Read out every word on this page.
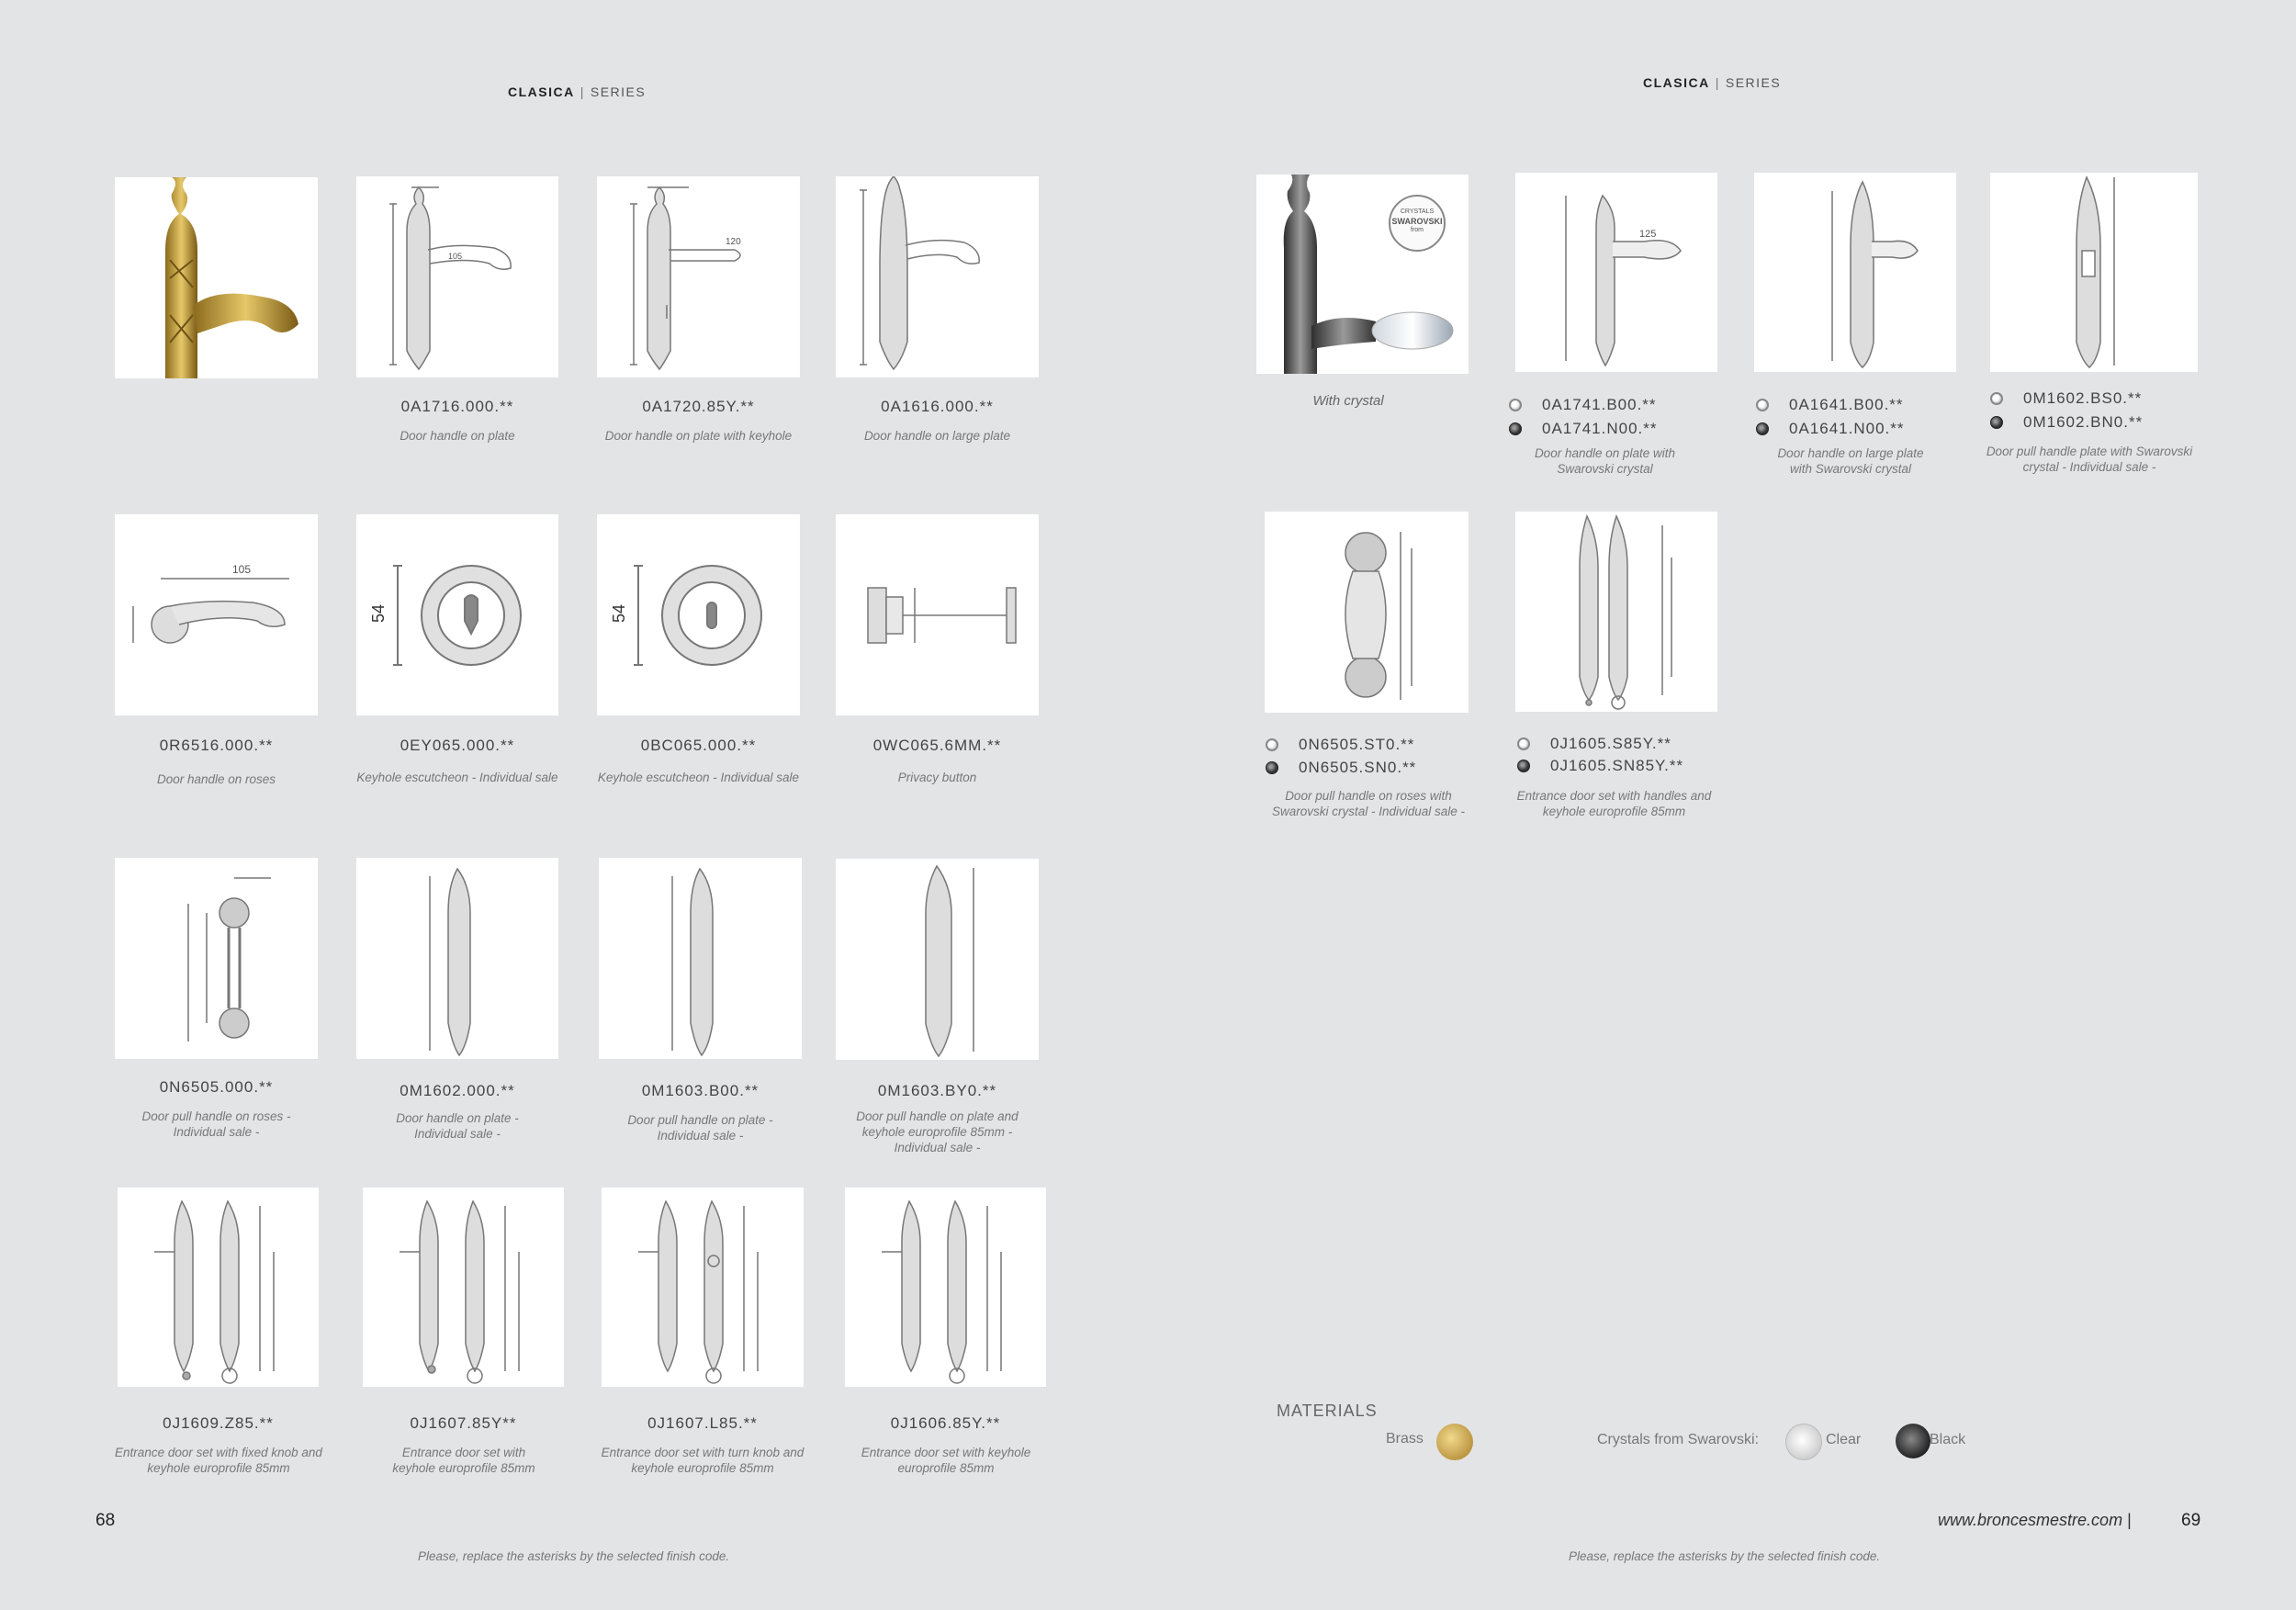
CLASICA | SERIES
105
120
0A1716.000.**
Door handle on plate
0A1720.85Y.**
Door handle on plate with keyhole
0A1616.000.**
Door handle on large plate
105
54	54
0R6516.000.**
Door handle on roses
0EY065.000.**
Keyhole escutcheon - Individual sale
0BC065.000.**
Keyhole escutcheon - Individual sale
0WC065.6MM.**
Privacy button
0N6505.000.**
Door pull handle on roses - Individual sale -
0M1602.000.**
Door handle on plate - Individual sale -
0M1603.B00.**
Door pull handle on plate - Individual sale -
0M1603.BY0.**
Door pull handle on plate and keyhole europrofile 85mm - Individual sale -
0J1609.Z85.**
Entrance door set with fixed knob and keyhole europrofile 85mm
0J1607.85Y**
Entrance door set with keyhole europrofile 85mm
0J1607.L85.**
Entrance door set with turn knob and keyhole europrofile 85mm
0J1606.85Y.**
Entrance door set with keyhole europrofile 85mm
68
Please, replace the asterisks by the selected finish code.
CLASICA | SERIES
CRYSTALS
SWAROVSKI
from	125
With crystal	0A1741.B00.**
0A1741.N00.**
Door handle on plate with Swarovski crystal
0A1641.B00.**
0A1641.N00.**
Door handle on large plate with Swarovski crystal
0M1602.BS0.**
0M1602.BN0.**
Door pull handle plate with Swarovski crystal - Individual sale -
0N6505.ST0.**
0N6505.SN0.**
Door pull handle on roses with Swarovski crystal - Individual sale -
0J1605.S85Y.**
0J1605.SN85Y.**
Entrance door set with handles and keyhole europrofile 85mm
MATERIALS
Brass	Crystals from Swarovski:	Clear	Black
www.broncesmestre.com |	69
Please, replace the asterisks by the selected finish code.
